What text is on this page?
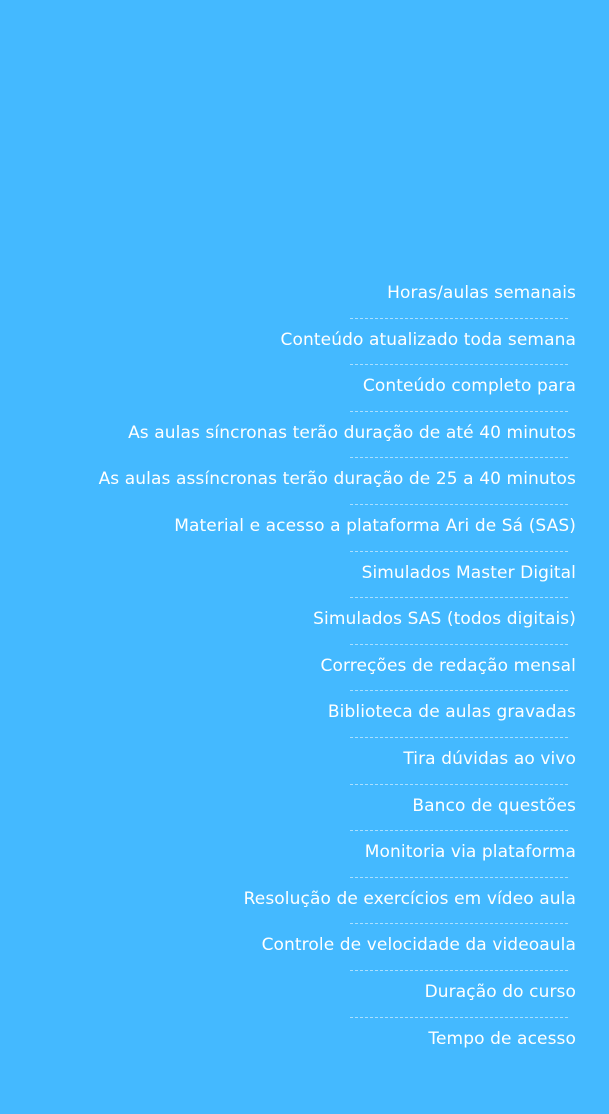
Horas/aulas semanais
Conteúdo atualizado toda semana
Conteúdo completo para
As aulas síncronas terão duração de até 40 minutos
As aulas assíncronas terão duração de 25 a 40 minutos
Material e acesso a plataforma Ari de Sá (SAS)
Simulados Master Digital
Simulados SAS (todos digitais)
Correções de redação mensal
Biblioteca de aulas gravadas
Tira dúvidas ao vivo
Banco de questões
Monitoria via plataforma
Resolução de exercícios em vídeo aula
Controle de velocidade da videoaula
Duração do curso
Tempo de acesso
